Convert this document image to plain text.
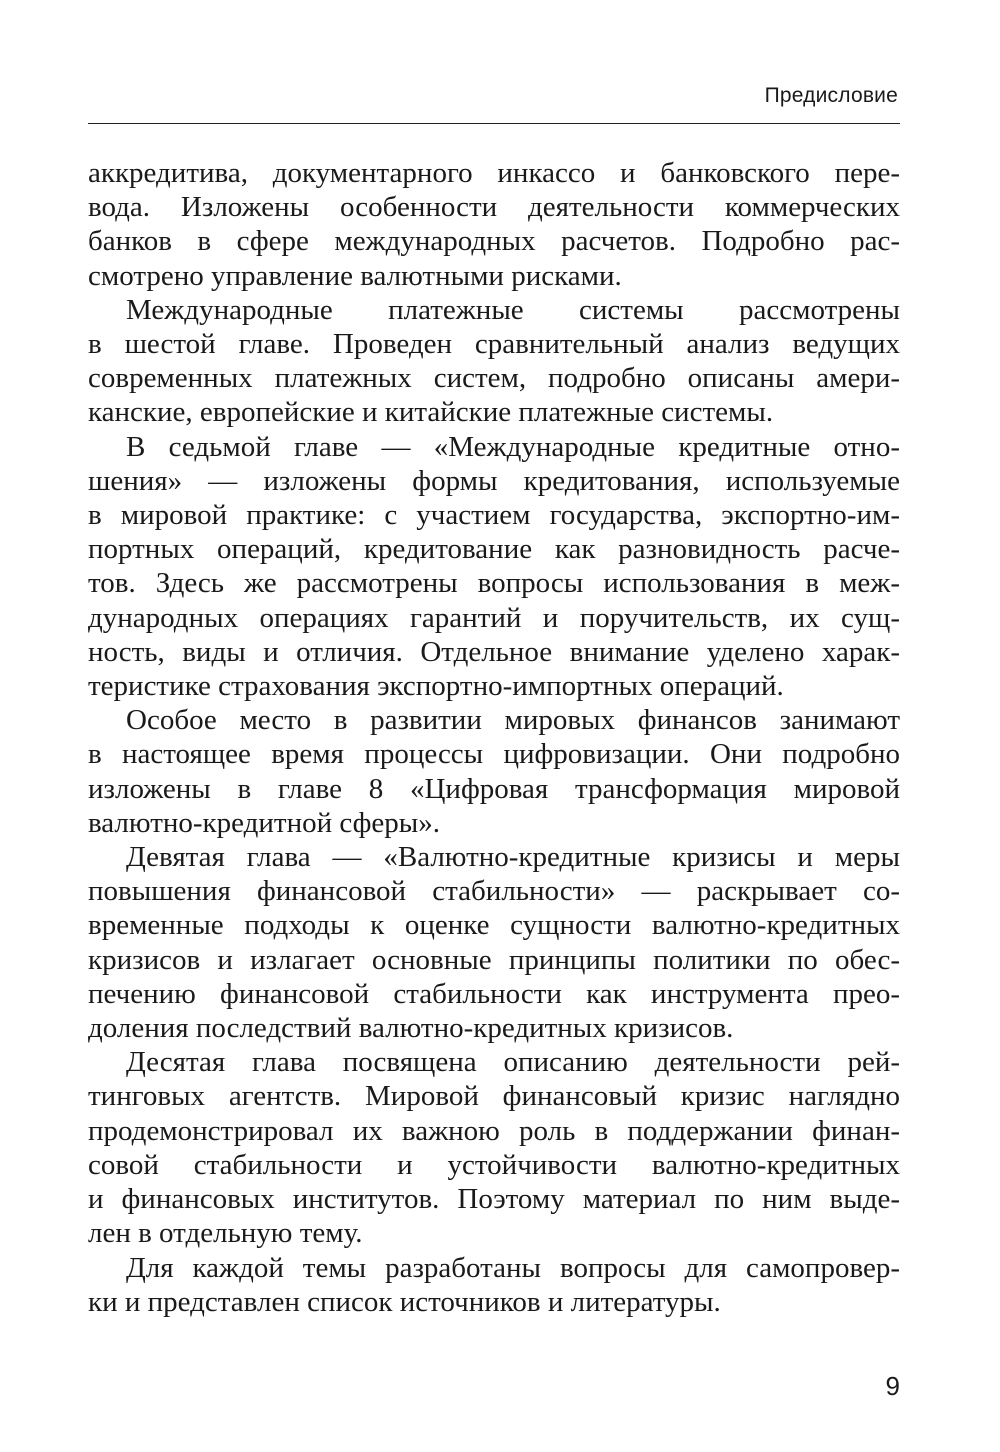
Предисловие
аккредитива, документарного инкассо и банковского пере-
вода. Изложены особенности деятельности коммерческих
банков в сфере международных расчетов. Подробно рас-
смотрено управление валютными рисками.
Международные платежные системы рассмотрены
в шестой главе. Проведен сравнительный анализ ведущих
современных платежных систем, подробно описаны амери-
канские, европейские и китайские платежные системы.
В седьмой главе — «Международные кредитные отно-
шения» — изложены формы кредитования, используемые
в мировой практике: с участием государства, экспортно-им-
портных операций, кредитование как разновидность расче-
тов. Здесь же рассмотрены вопросы использования в меж-
дународных операциях гарантий и поручительств, их сущ-
ность, виды и отличия. Отдельное внимание уделено харак-
теристике страхования экспортно-импортных операций.
Особое место в развитии мировых финансов занимают
в настоящее время процессы цифровизации. Они подробно
изложены в главе 8 «Цифровая трансформация мировой
валютно-кредитной сферы».
Девятая глава — «Валютно-кредитные кризисы и меры
повышения финансовой стабильности» — раскрывает со-
временные подходы к оценке сущности валютно-кредитных
кризисов и излагает основные принципы политики по обес-
печению финансовой стабильности как инструмента прео-
доления последствий валютно-кредитных кризисов.
Десятая глава посвящена описанию деятельности рей-
тинговых агентств. Мировой финансовый кризис наглядно
продемонстрировал их важною роль в поддержании финан-
совой стабильности и устойчивости валютно-кредитных
и финансовых институтов. Поэтому материал по ним выде-
лен в отдельную тему.
Для каждой темы разработаны вопросы для самопровер-
ки и представлен список источников и литературы.
9
